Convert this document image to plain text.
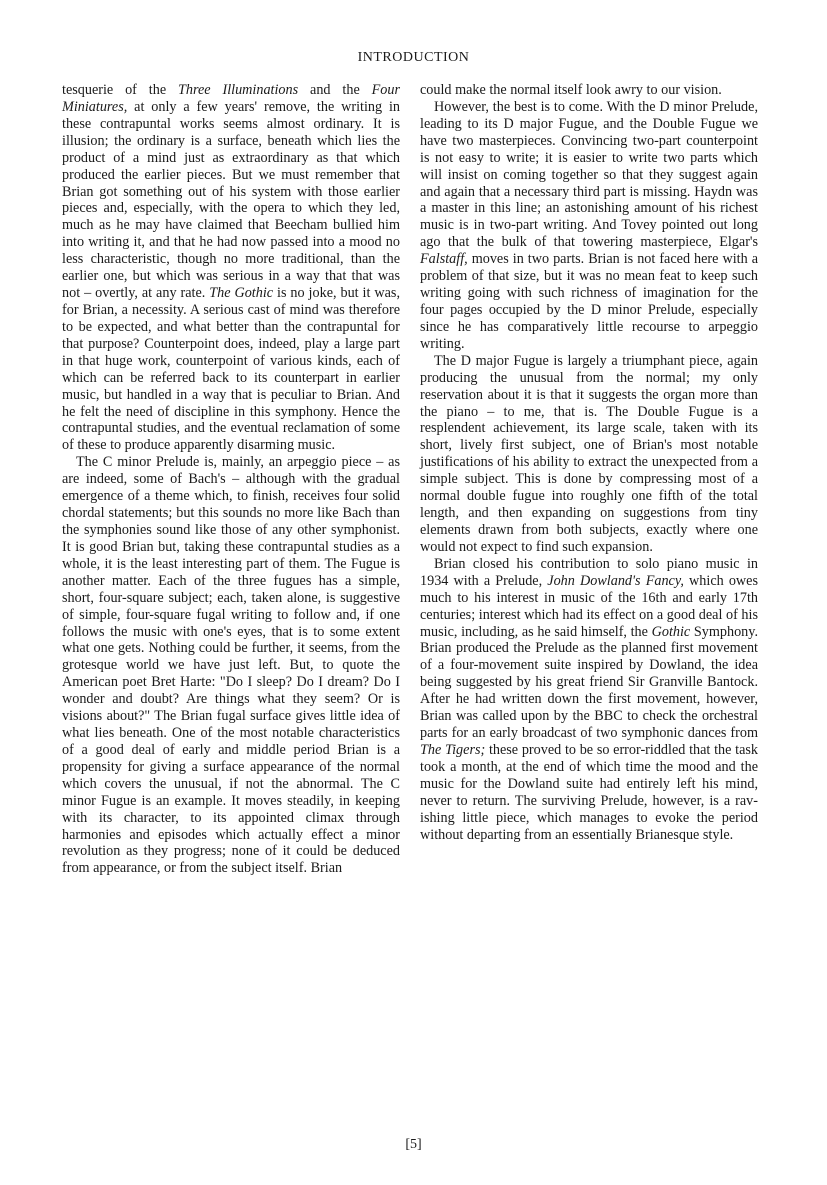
INTRODUCTION

tesquerie of the Three Illuminations and the Four Miniatures, at only a few years' remove, the writing in these contrapuntal works seems almost ordinary. It is illusion; the ordinary is a surface, beneath which lies the product of a mind just as extraordinary as that which produced the earlier pieces. But we must remember that Brian got something out of his system with those earlier pieces and, especially, with the opera to which they led, much as he may have claimed that Beecham bullied him into writing it, and that he had now passed into a mood no less characteristic, though no more traditional, than the earlier one, but which was serious in a way that that was not – overtly, at any rate. The Gothic is no joke, but it was, for Brian, a necessity. A serious cast of mind was therefore to be expected, and what better than the contrapuntal for that purpose? Counterpoint does, indeed, play a large part in that huge work, counterpoint of various kinds, each of which can be referred back to its counterpart in earlier music, but handled in a way that is peculiar to Brian. And he felt the need of discipline in this symphony. Hence the contrapuntal studies, and the eventual reclamation of some of these to produce apparently disarming music.

The C minor Prelude is, mainly, an arpeggio piece – as are indeed, some of Bach's – although with the gradual emergence of a theme which, to finish, receives four solid chordal statements; but this sounds no more like Bach than the symphonies sound like those of any other symphonist. It is good Brian but, taking these contrapuntal studies as a whole, it is the least interesting part of them. The Fugue is another matter. Each of the three fugues has a simple, short, four-square subject; each, taken alone, is suggestive of simple, four-square fugal writing to follow and, if one follows the music with one's eyes, that is to some extent what one gets. Nothing could be further, it seems, from the grotesque world we have just left. But, to quote the American poet Bret Harte: "Do I sleep? Do I dream? Do I wonder and doubt? Are things what they seem? Or is visions about?" The Brian fugal surface gives little idea of what lies beneath. One of the most notable characteristics of a good deal of early and middle period Brian is a propensity for giving a surface appearance of the normal which covers the unusual, if not the abnormal. The C minor Fugue is an example. It moves steadily, in keeping with its character, to its appointed climax through harmonies and episodes which actually effect a minor revolution as they progress; none of it could be deduced from appearance, or from the subject itself. Brian

could make the normal itself look awry to our vision.

However, the best is to come. With the D minor Prelude, leading to its D major Fugue, and the Double Fugue we have two masterpieces. Convincing two-part counterpoint is not easy to write; it is easier to write two parts which will insist on coming together so that they suggest again and again that a necessary third part is missing. Haydn was a master in this line; an astonishing amount of his richest music is in two-part writing. And Tovey pointed out long ago that the bulk of that towering masterpiece, Elgar's Falstaff, moves in two parts. Brian is not faced here with a problem of that size, but it was no mean feat to keep such writing going with such richness of imagination for the four pages occupied by the D minor Prelude, especially since he has comparatively little recourse to arpeggio writing.

The D major Fugue is largely a triumphant piece, again producing the unusual from the normal; my only reservation about it is that it suggests the organ more than the piano – to me, that is. The Double Fugue is a resplendent achievement, its large scale, taken with its short, lively first subject, one of Brian's most notable justifications of his ability to extract the unexpected from a simple subject. This is done by compressing most of a normal double fugue into roughly one fifth of the total length, and then expanding on suggestions from tiny elements drawn from both subjects, exactly where one would not expect to find such expansion.

Brian closed his contribution to solo piano music in 1934 with a Prelude, John Dowland's Fancy, which owes much to his interest in music of the 16th and early 17th centuries; interest which had its effect on a good deal of his music, including, as he said himself, the Gothic Symphony. Brian produced the Prelude as the planned first movement of a four-movement suite inspired by Dowland, the idea being suggested by his great friend Sir Granville Bantock. After he had written down the first movement, however, Brian was called upon by the BBC to check the orchestral parts for an early broadcast of two symphonic dances from The Tigers; these proved to be so error-riddled that the task took a month, at the end of which time the mood and the music for the Dowland suite had entirely left his mind, never to return. The surviving Prelude, however, is a ravishing little piece, which manages to evoke the period without departing from an essentially Brianesque style.

[5]
